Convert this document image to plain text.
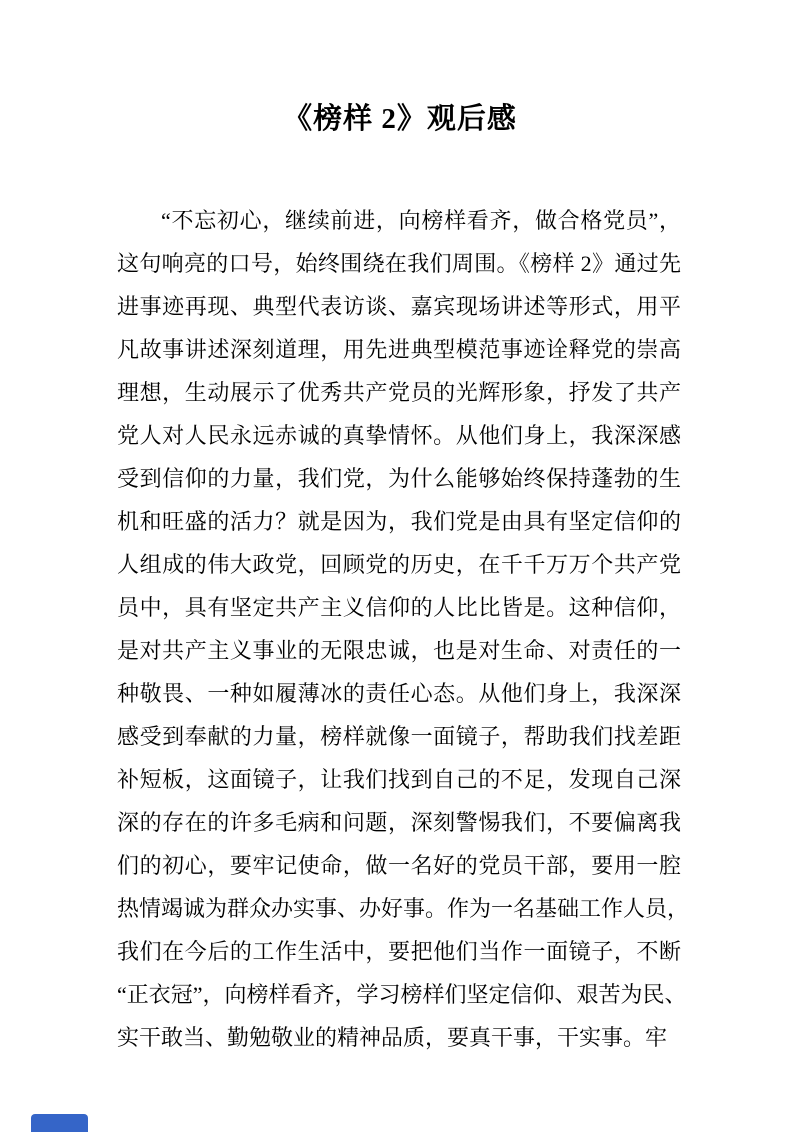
《榜样 2》观后感
“不忘初心，继续前进，向榜样看齐，做合格党员”，
这句响亮的口号，始终围绕在我们周围。《榜样 2》通过先
进事迹再现、典型代表访谈、嘉宾现场讲述等形式，用平
凡故事讲述深刻道理，用先进典型模范事迹诠释党的崇高
理想，生动展示了优秀共产党员的光辉形象，抒发了共产
党人对人民永远赤诚的真挚情怀。从他们身上，我深深感
受到信仰的力量，我们党，为什么能够始终保持蓬勃的生
机和旺盛的活力？就是因为，我们党是由具有坚定信仰的
人组成的伟大政党，回顾党的历史，在千千万万个共产党
员中，具有坚定共产主义信仰的人比比皆是。这种信仰，
是对共产主义事业的无限忠诚，也是对生命、对责任的一
种敬畏、一种如履薄冰的责任心态。从他们身上，我深深
感受到奉献的力量，榜样就像一面镜子，帮助我们找差距
补短板，这面镜子，让我们找到自己的不足，发现自己深
深的存在的许多毛病和问题，深刻警惕我们，不要偏离我
们的初心，要牢记使命，做一名好的党员干部，要用一腔
热情竭诚为群众办实事、办好事。作为一名基础工作人员，
我们在今后的工作生活中，要把他们当作一面镜子，不断
“正衣冠”，向榜样看齐，学习榜样们坚定信仰、艰苦为民、
实干敢当、勤勉敬业的精神品质，要真干事，干实事。牢
